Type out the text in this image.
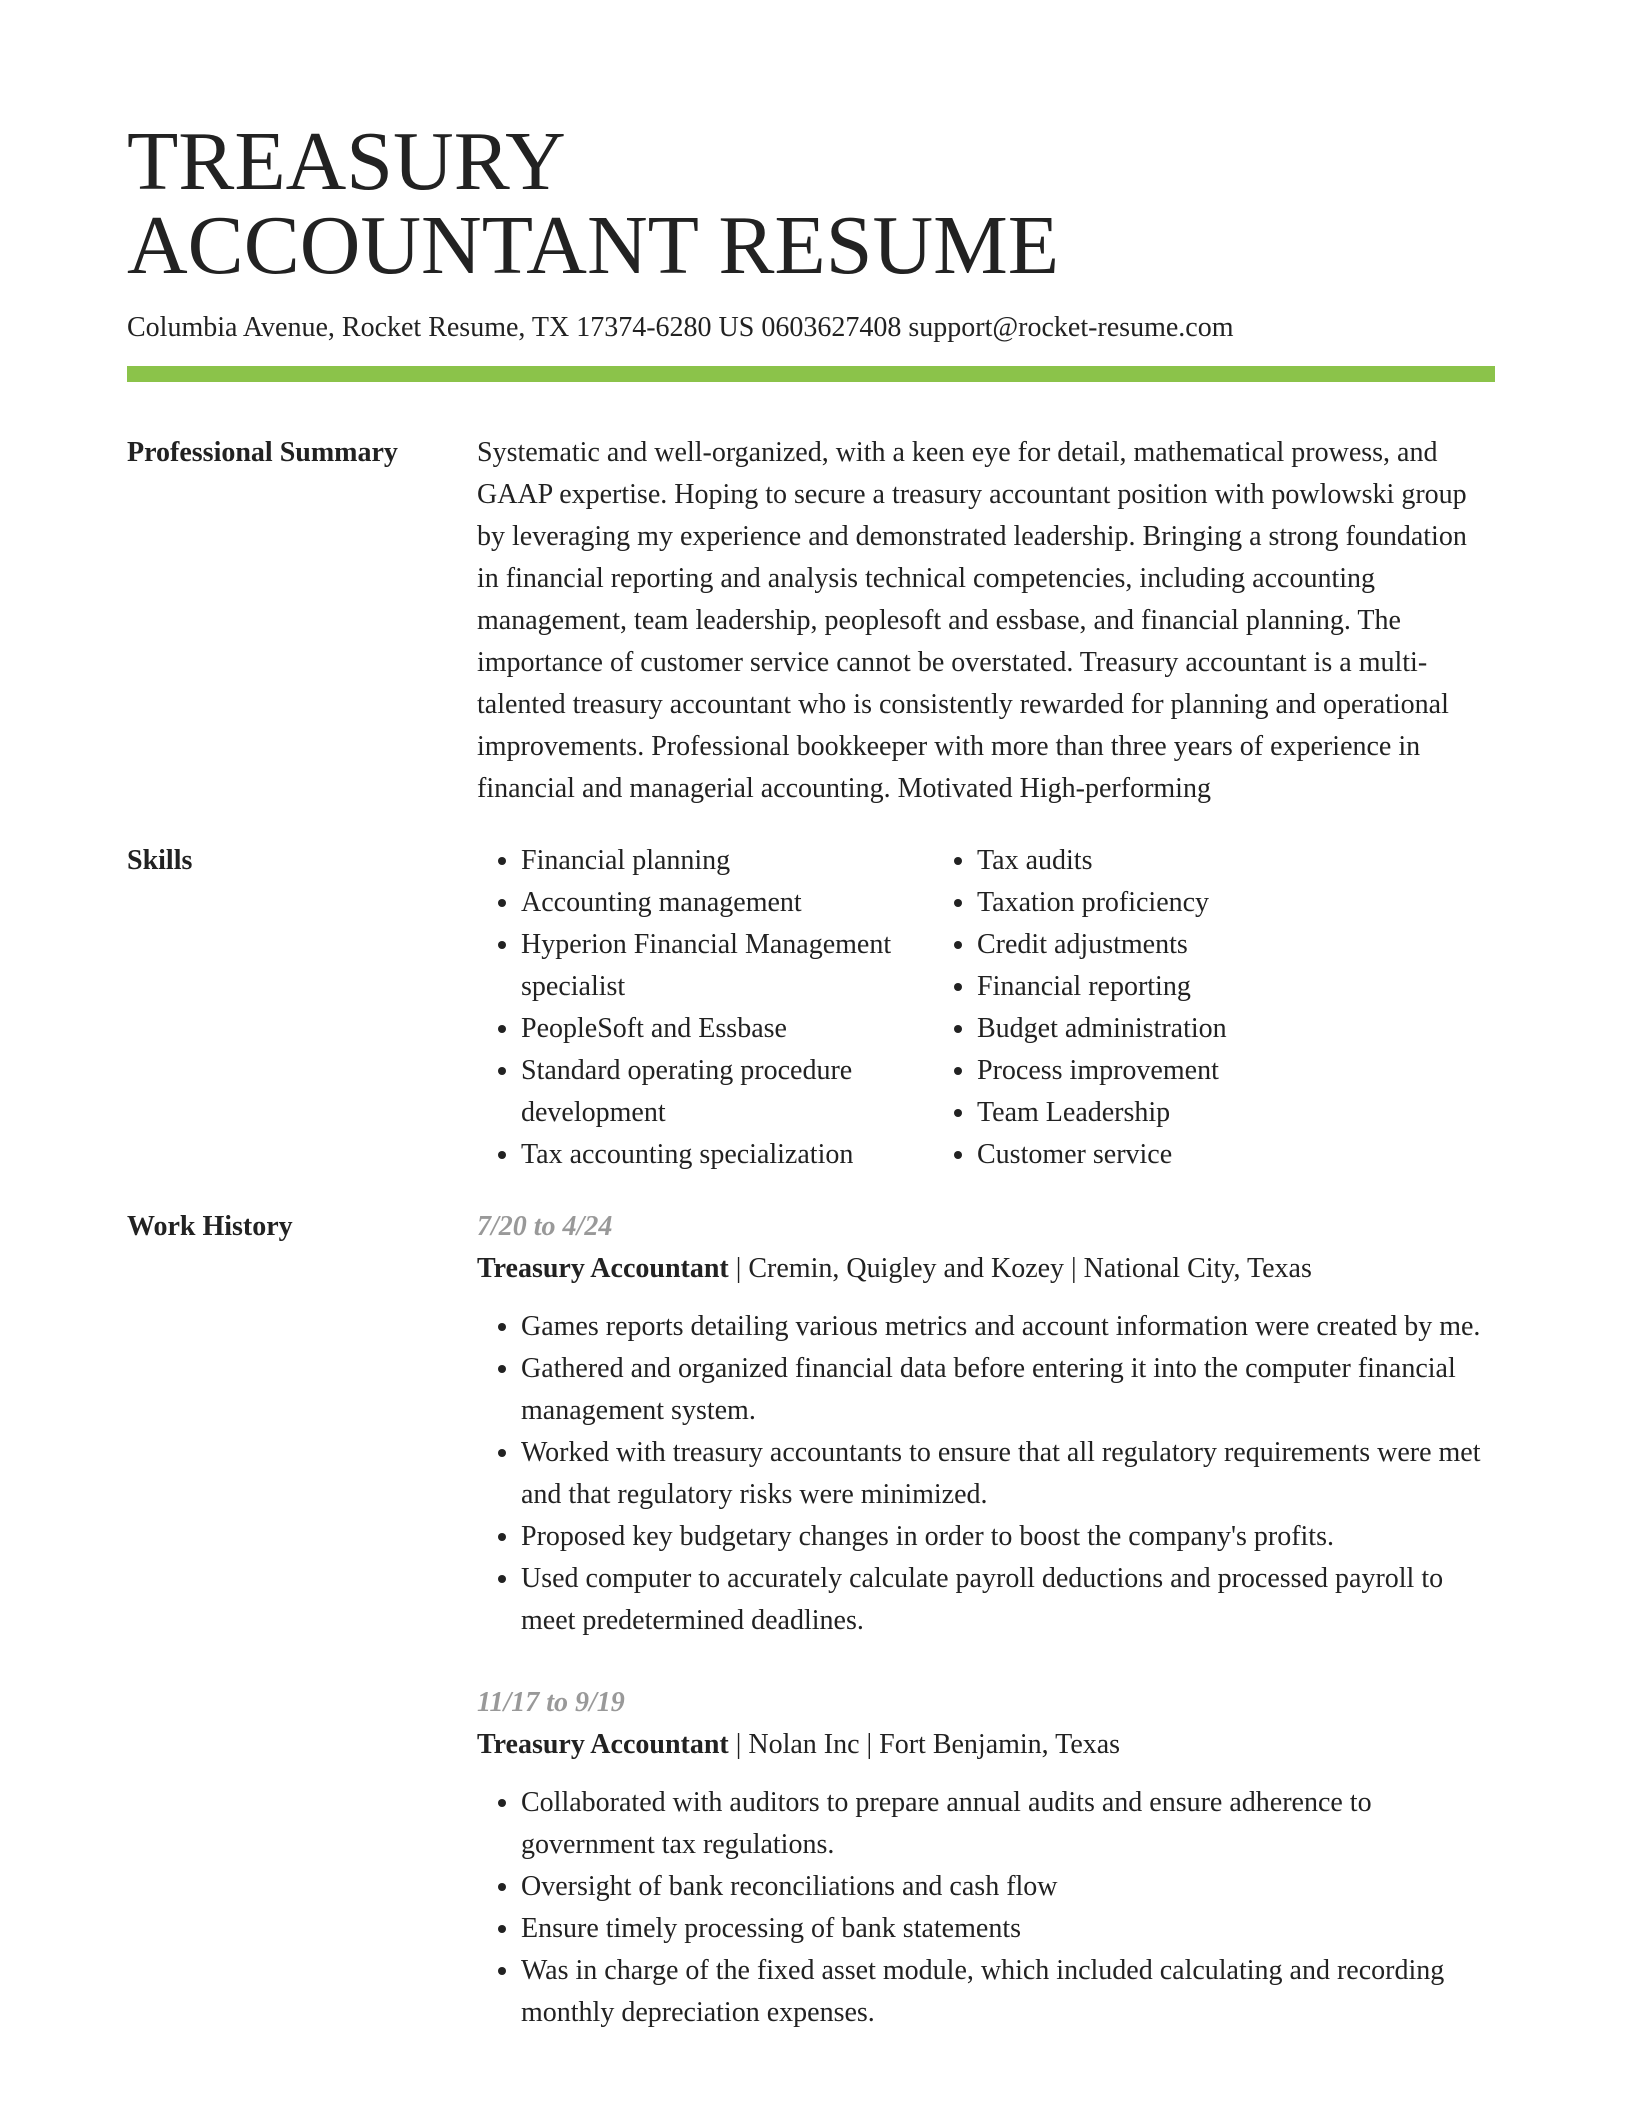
TREASURY
ACCOUNTANT RESUME
Columbia Avenue, Rocket Resume, TX 17374-6280 US 0603627408 support@rocket-resume.com
Professional Summary	Systematic and well-organized, with a keen eye for detail, mathematical prowess, and GAAP expertise. Hoping to secure a treasury accountant position with powlowski group by leveraging my experience and demonstrated leadership. Bringing a strong foundation in financial reporting and analysis technical competencies, including accounting management, team leadership, peoplesoft and essbase, and financial planning. The importance of customer service cannot be overstated. Treasury accountant is a multi-talented treasury accountant who is consistently rewarded for planning and operational improvements. Professional bookkeeper with more than three years of experience in financial and managerial accounting. Motivated High-performing

Skills
•	Financial planning
• Accounting management
• Hyperion Financial Management specialist
• PeopleSoft and Essbase
• Standard operating procedure development
• Tax accounting specialization
• Tax audits
• Taxation proficiency
• Credit adjustments
• Financial reporting
• Budget administration
• Process improvement
• Team Leadership
• Customer service
Work History	7/20 to 4/24
Treasury Accountant | Cremin, Quigley and Kozey | National City, Texas
• Games reports detailing various metrics and account information were created by me.
• Gathered and organized financial data before entering it into the computer financial management system.
• Worked with treasury accountants to ensure that all regulatory requirements were met and that regulatory risks were minimized.
• Proposed key budgetary changes in order to boost the company's profits.
• Used computer to accurately calculate payroll deductions and processed payroll to meet predetermined deadlines.
11/17 to 9/19
Treasury Accountant | Nolan Inc | Fort Benjamin, Texas
• Collaborated with auditors to prepare annual audits and ensure adherence to government tax regulations.
• Oversight of bank reconciliations and cash flow
• Ensure timely processing of bank statements
• Was in charge of the fixed asset module, which included calculating and recording monthly depreciation expenses.
